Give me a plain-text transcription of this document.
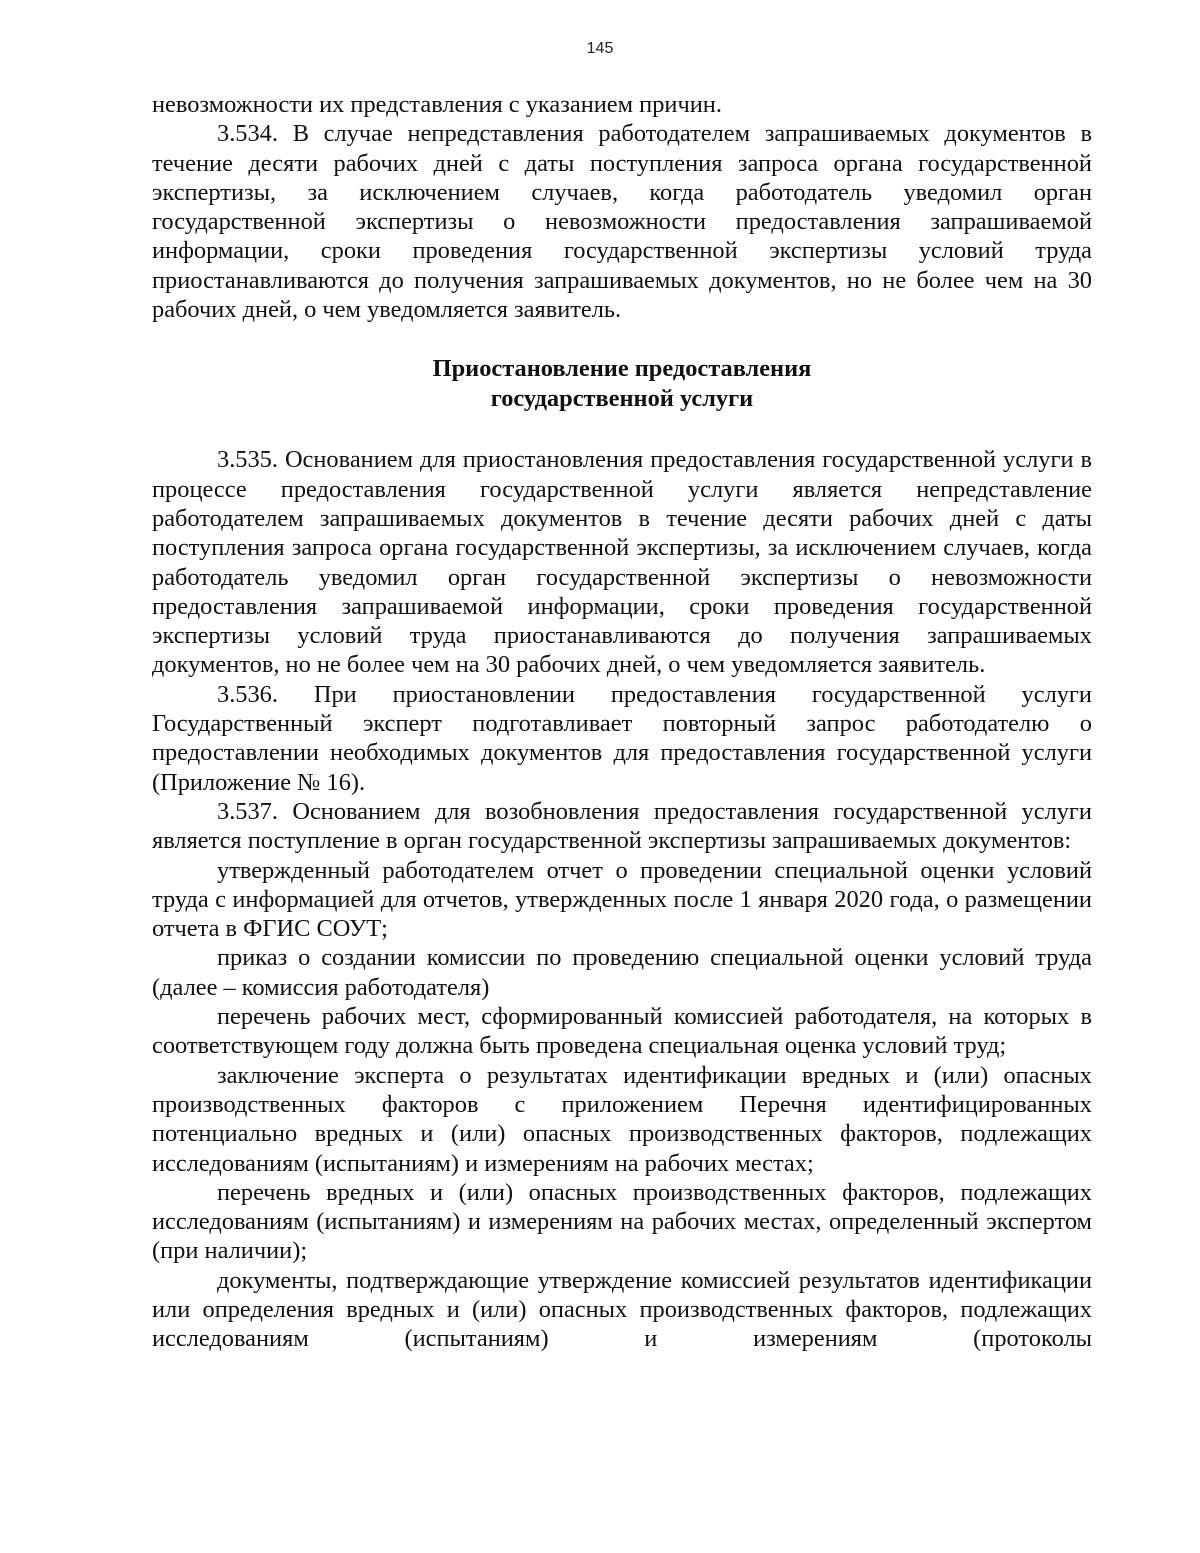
145

невозможности их представления с указанием причин.

3.534. В случае непредставления работодателем запрашиваемых документов в течение десяти рабочих дней с даты поступления запроса органа государственной экспертизы, за исключением случаев, когда работодатель уведомил орган государственной экспертизы о невозможности предоставления запрашиваемой информации, сроки проведения государственной экспертизы условий труда приостанавливаются до получения запрашиваемых документов, но не более чем на 30 рабочих дней, о чем уведомляется заявитель.

Приостановление предоставления
государственной услуги

3.535. Основанием для приостановления предоставления государственной услуги в процессе предоставления государственной услуги является непредставление работодателем запрашиваемых документов в течение десяти рабочих дней с даты поступления запроса органа государственной экспертизы, за исключением случаев, когда работодатель уведомил орган государственной экспертизы о невозможности предоставления запрашиваемой информации, сроки проведения государственной экспертизы условий труда приостанавливаются до получения запрашиваемых документов, но не более чем на 30 рабочих дней, о чем уведомляется заявитель.

3.536. При приостановлении предоставления государственной услуги Государственный эксперт подготавливает повторный запрос работодателю о предоставлении необходимых документов для предоставления государственной услуги (Приложение № 16).

3.537. Основанием для возобновления предоставления государственной услуги является поступление в орган государственной экспертизы запрашиваемых документов:

утвержденный работодателем отчет о проведении специальной оценки условий труда с информацией для отчетов, утвержденных после 1 января 2020 года, о размещении отчета в ФГИС СОУТ;

приказ о создании комиссии по проведению специальной оценки условий труда (далее – комиссия работодателя)

перечень рабочих мест, сформированный комиссией работодателя, на которых в соответствующем году должна быть проведена специальная оценка условий труд;

заключение эксперта о результатах идентификации вредных и (или) опасных производственных факторов с приложением Перечня идентифицированных потенциально вредных и (или) опасных производственных факторов, подлежащих исследованиям (испытаниям) и измерениям на рабочих местах;

перечень вредных и (или) опасных производственных факторов, подлежащих исследованиям (испытаниям) и измерениям на рабочих местах, определенный экспертом (при наличии);

документы, подтверждающие утверждение комиссией результатов идентификации или определения вредных и (или) опасных производственных факторов, подлежащих исследованиям (испытаниям) и измерениям (протоколы
